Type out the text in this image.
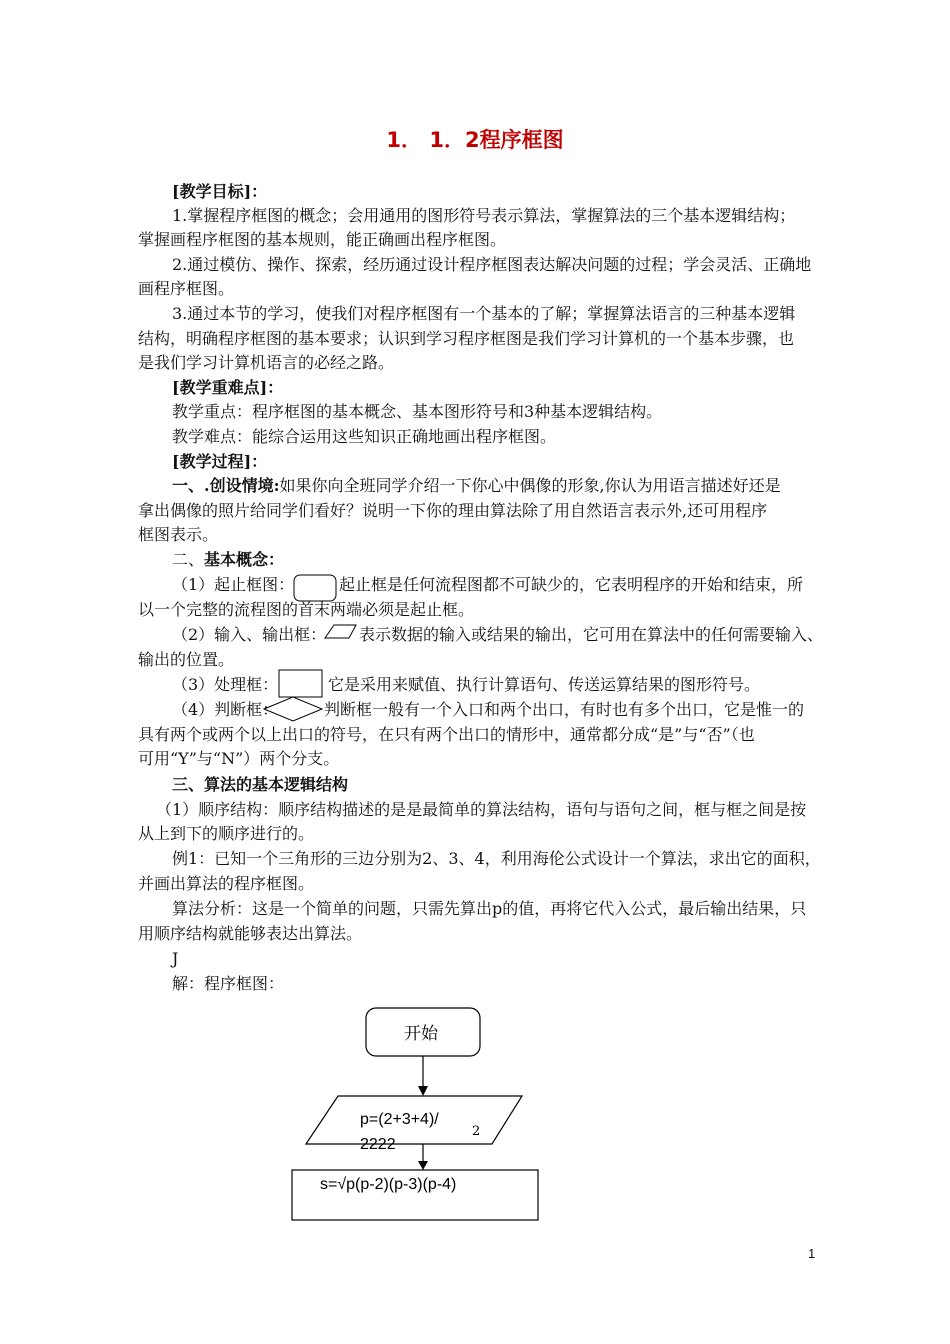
1． 1．2程序框图
[教学目标]：
1.掌握程序框图的概念；会用通用的图形符号表示算法，掌握算法的三个基本逻辑结构；
掌握画程序框图的基本规则，能正确画出程序框图。
2.通过模仿、操作、探索，经历通过设计程序框图表达解决问题的过程；学会灵活、正确地
画程序框图。
3.通过本节的学习，使我们对程序框图有一个基本的了解；掌握算法语言的三种基本逻辑
结构，明确程序框图的基本要求；认识到学习程序框图是我们学习计算机的一个基本步骤，也
是我们学习计算机语言的必经之路。
[教学重难点]：
教学重点：程序框图的基本概念、基本图形符号和3种基本逻辑结构。
教学难点：能综合运用这些知识正确地画出程序框图。
[教学过程]：
一、.创设情境:如果你向全班同学介绍一下你心中偶像的形象,你认为用语言描述好还是
拿出偶像的照片给同学们看好？说明一下你的理由算法除了用自然语言表示外,还可用程序
框图表示。
二、基本概念：
（1）起止框图：	起止框是任何流程图都不可缺少的，它表明程序的开始和结束，所
以一个完整的流程图的首末两端必须是起止框。
（2）输入、输出框： 表示数据的输入或结果的输出，它可用在算法中的任何需要输入、
输出的位置。
（3）处理框：	它是采用来赋值、执行计算语句、传送运算结果的图形符号。
（4）判断框：	判断框一般有一个入口和两个出口，有时也有多个出口，它是惟一的
具有两个或两个以上出口的符号，在只有两个出口的情形中，通常都分成“是”与“否”（也
可用“Y”与“N”）两个分支。
三、算法的基本逻辑结构
（1）顺序结构：顺序结构描述的是是最简单的算法结构，语句与语句之间，框与框之间是按
从上到下的顺序进行的。
例1：已知一个三角形的三边分别为2、3、4，利用海伦公式设计一个算法，求出它的面积，
并画出算法的程序框图。
算法分析：这是一个简单的问题，只需先算出p的值，再将它代入公式，最后输出结果，只
用顺序结构就能够表达出算法。
J
解：程序框图：
开始
p=(2+3+4)/
2222
2
s=√p(p-2)(p-3)(p-4)
1
